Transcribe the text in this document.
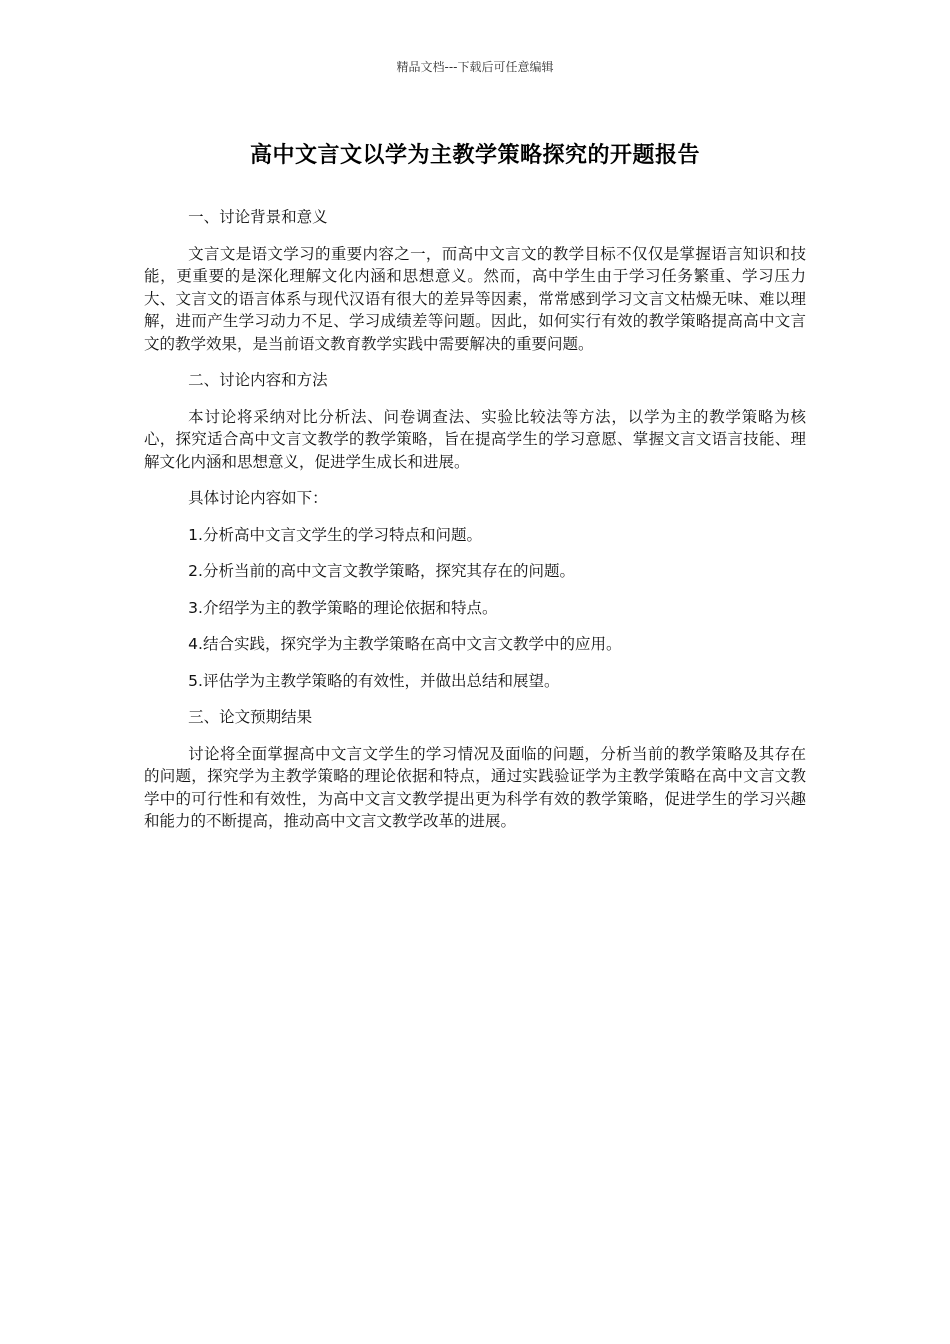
精品文档---下载后可任意编辑
高中文言文以学为主教学策略探究的开题报告

一、讨论背景和意义

文言文是语文学习的重要内容之一，而高中文言文的教学目标不仅仅是掌握语言知识和技能，更重要的是深化理解文化内涵和思想意义。然而，高中学生由于学习任务繁重、学习压力大、文言文的语言体系与现代汉语有很大的差异等因素，常常感到学习文言文枯燥无味、难以理解，进而产生学习动力不足、学习成绩差等问题。因此，如何实行有效的教学策略提高高中文言文的教学效果，是当前语文教育教学实践中需要解决的重要问题。

二、讨论内容和方法

本讨论将采纳对比分析法、问卷调查法、实验比较法等方法，以学为主的教学策略为核心，探究适合高中文言文教学的教学策略，旨在提高学生的学习意愿、掌握文言文语言技能、理解文化内涵和思想意义，促进学生成长和进展。

具体讨论内容如下：

1.分析高中文言文学生的学习特点和问题。

2.分析当前的高中文言文教学策略，探究其存在的问题。

3.介绍学为主的教学策略的理论依据和特点。

4.结合实践，探究学为主教学策略在高中文言文教学中的应用。

5.评估学为主教学策略的有效性，并做出总结和展望。

三、论文预期结果

讨论将全面掌握高中文言文学生的学习情况及面临的问题，分析当前的教学策略及其存在的问题，探究学为主教学策略的理论依据和特点，通过实践验证学为主教学策略在高中文言文教学中的可行性和有效性，为高中文言文教学提出更为科学有效的教学策略，促进学生的学习兴趣和能力的不断提高，推动高中文言文教学改革的进展。
